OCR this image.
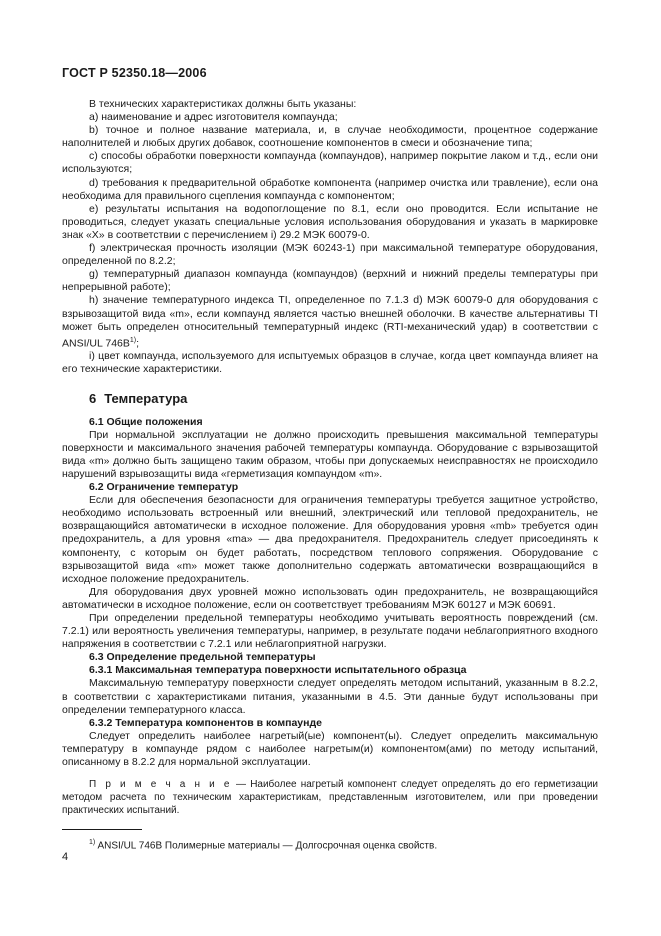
ГОСТ Р 52350.18—2006

В технических характеристиках должны быть указаны:

a) наименование и адрес изготовителя компаунда;

b) точное и полное название материала, и, в случае необходимости, процентное содержание наполнителей и любых других добавок, соотношение компонентов в смеси и обозначение типа;

c) способы обработки поверхности компаунда (компаундов), например покрытие лаком и т.д., если они используются;

d) требования к предварительной обработке компонента (например очистка или травление), если она необходима для правильного сцепления компаунда с компонентом;

e) результаты испытания на водопоглощение по 8.1, если оно проводится. Если испытание не проводиться, следует указать специальные условия использования оборудования и указать в маркировке знак «X» в соответствии с перечислением i) 29.2 МЭК 60079-0.

f) электрическая прочность изоляции (МЭК 60243-1) при максимальной температуре оборудования, определенной по 8.2.2;

g) температурный диапазон компаунда (компаундов) (верхний и нижний пределы температуры при непрерывной работе);

h) значение температурного индекса TI, определенное по 7.1.3 d) МЭК 60079-0 для оборудования с взрывозащитой вида «m», если компаунд является частью внешней оболочки. В качестве альтернативы TI может быть определен относительный температурный индекс (RTI-механический удар) в соответствии с ANSI/UL $746B^{1)}$;

i) цвет компаунда, используемого для испытуемых образцов в случае, когда цвет компаунда влияет на его технические характеристики.

6 Температура

6.1 Общие положения

При нормальной эксплуатации не должно происходить превышения максимальной температуры поверхности и максимального значения рабочей температуры компаунда. Оборудование с взрывозащитой вида «m» должно быть защищено таким образом, чтобы при допускаемых неисправностях не происходило нарушений взрывозащиты вида «герметизация компаундом «m».

6.2 Ограничение температур

Если для обеспечения безопасности для ограничения температуры требуется защитное устройство, необходимо использовать встроенный или внешний, электрический или тепловой предохранитель, не возвращающийся автоматически в исходное положение. Для оборудования уровня «mb» требуется один предохранитель, а для уровня «ma» — два предохранителя. Предохранитель следует присоединять к компоненту, с которым он будет работать, посредством теплового сопряжения. Оборудование с взрывозащитой вида «m» может также дополнительно содержать автоматически возвращающийся в исходное положение предохранитель.

Для оборудования двух уровней можно использовать один предохранитель, не возвращающийся автоматически в исходное положение, если он соответствует требованиям МЭК 60127 и МЭК 60691.

При определении предельной температуры необходимо учитывать вероятность повреждений (см. 7.2.1) или вероятность увеличения температуры, например, в результате подачи неблагоприятного входного напряжения в соответствии с 7.2.1 или неблагоприятной нагрузки.

6.3 Определение предельной температуры

6.3.1 Максимальная температура поверхности испытательного образца

Максимальную температуру поверхности следует определять методом испытаний, указанным в 8.2.2, в соответствии с характеристиками питания, указанными в 4.5. Эти данные будут использованы при определении температурного класса.

6.3.2 Температура компонентов в компаунде

Следует определить наиболее нагретый(ые) компонент(ы). Следует определить максимальную температуру в компаунде рядом с наиболее нагретым(и) компонентом(ами) по методу испытаний, описанному в 8.2.2 для нормальной эксплуатации.

П р и м е ч а н и е — Наиболее нагретый компонент следует определять до его герметизации методом расчета по техническим характеристикам, представленным изготовителем, или при проведении практических испытаний.

$^{1)}$ ANSI/UL 746B Полимерные материалы — Долгосрочная оценка свойств.

4
